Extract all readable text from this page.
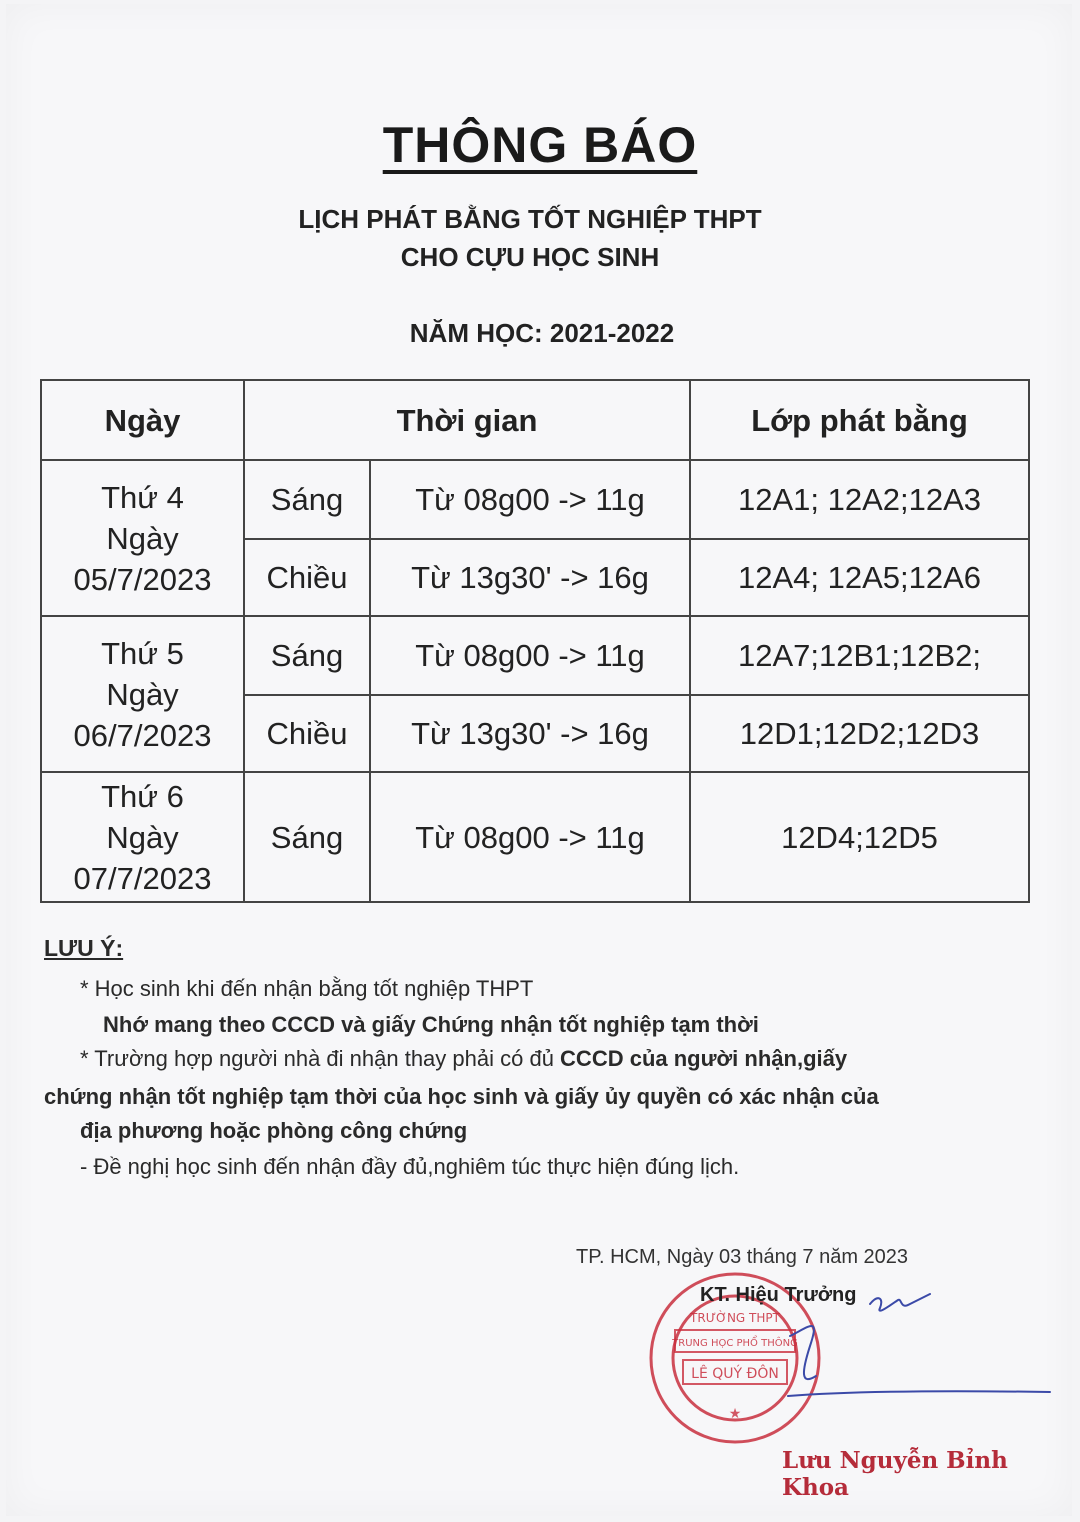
THÔNG BÁO
LỊCH PHÁT BẰNG TỐT NGHIỆP THPT
CHO CỰU HỌC SINH
NĂM HỌC: 2021-2022
Ngày	Thời gian		Lớp phát bằng

Thứ 4
Ngày
05/7/2023	Sáng	Từ 08g00 -> 11g	12A1; 12A2;12A3
	Chiều	Từ 13g30' -> 16g	12A4; 12A5;12A6

Thứ 5
Ngày
06/7/2023	Sáng	Từ 08g00 -> 11g	12A7;12B1;12B2;
	Chiều	Từ 13g30' -> 16g	12D1;12D2;12D3

Thứ 6
Ngày
07/7/2023	Sáng	Từ 08g00 -> 11g	12D4;12D5
LƯU Ý:
* Học sinh khi đến nhận bằng tốt nghiệp THPT
Nhớ mang theo CCCD và giấy Chứng nhận tốt nghiệp tạm thời
* Trường hợp người nhà đi nhận thay phải có đủ CCCD của người nhận,giấy
chứng nhận tốt nghiệp tạm thời của học sinh và giấy ủy quyền có xác nhận của
địa phương hoặc phòng công chứng
- Đề nghị học sinh đến nhận đầy đủ,nghiêm túc thực hiện đúng lịch.
TP. HCM, Ngày 03 tháng 7 năm 2023
TRƯỜNG THPT
TRUNG HỌC PHỔ THÔNG
LÊ QUÝ ĐÔN
★
KT. Hiệu Trưởng
Lưu Nguyễn Bỉnh Khoa
